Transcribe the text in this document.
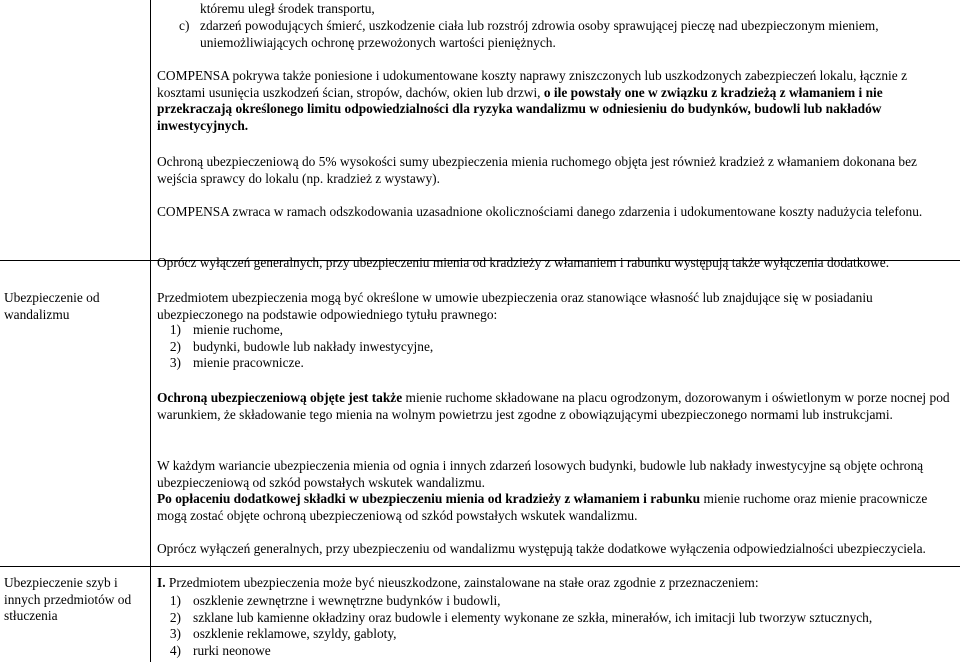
któremu uległ środek transportu,

c) zdarzeń powodujących śmierć, uszkodzenie ciała lub rozstrój zdrowia osoby sprawującej pieczę nad ubezpieczonym mieniem, uniemożliwiających ochronę przewożonych wartości pieniężnych.

COMPENSA pokrywa także poniesione i udokumentowane koszty naprawy zniszczonych lub uszkodzonych zabezpieczeń lokalu, łącznie z kosztami usunięcia uszkodzeń ścian, stropów, dachów, okien lub drzwi, o ile powstały one w związku z kradzieżą z włamaniem i nie przekraczają określonego limitu odpowiedzialności dla ryzyka wandalizmu w odniesieniu do budynków, budowli lub nakładów inwestycyjnych.

Ochroną ubezpieczeniową do 5% wysokości sumy ubezpieczenia mienia ruchomego objęta jest również kradzież z włamaniem dokonana bez wejścia sprawcy do lokalu (np. kradzież z wystawy).

COMPENSA zwraca w ramach odszkodowania uzasadnione okolicznościami danego zdarzenia i udokumentowane koszty nadużycia telefonu.

Ubezpieczenie od wandalizmu

Oprócz wyłączeń generalnych, przy ubezpieczeniu mienia od kradzieży z włamaniem i rabunku występują także wyłączenia dodatkowe.

Przedmiotem ubezpieczenia mogą być określone w umowie ubezpieczenia oraz stanowiące własność lub znajdujące się w posiadaniu ubezpieczonego na podstawie odpowiedniego tytułu prawnego:

1) mienie ruchome,
2) budynki, budowle lub nakłady inwestycyjne,
3) mienie pracownicze.

Ochroną ubezpieczeniową objęte jest także mienie ruchome składowane na placu ogrodzonym, dozorowanym i oświetlonym w porze nocnej pod warunkiem, że składowanie tego mienia na wolnym powietrzu jest zgodne z obowiązującymi ubezpieczonego normami lub instrukcjami.

W każdym wariancie ubezpieczenia mienia od ognia i innych zdarzeń losowych budynki, budowle lub nakłady inwestycyjne są objęte ochroną ubezpieczeniową od szkód powstałych wskutek wandalizmu.

Po opłaceniu dodatkowej składki w ubezpieczeniu mienia od kradzieży z włamaniem i rabunku mienie ruchome oraz mienie pracownicze mogą zostać objęte ochroną ubezpieczeniową od szkód powstałych wskutek wandalizmu.

Oprócz wyłączeń generalnych, przy ubezpieczeniu od wandalizmu występują także dodatkowe wyłączenia odpowiedzialności ubezpieczyciela.

Ubezpieczenie szyb i innych przedmiotów od stłuczenia

I. Przedmiotem ubezpieczenia może być nieuszkodzone, zainstalowane na stałe oraz zgodnie z przeznaczeniem:

1) oszklenie zewnętrzne i wewnętrzne budynków i budowli,
2) szklane lub kamienne okładziny oraz budowle i elementy wykonane ze szkła, minerałów, ich imitacji lub tworzyw sztucznych,
3) oszklenie reklamowe, szyldy, gabloty,
4) rurki neonowe
